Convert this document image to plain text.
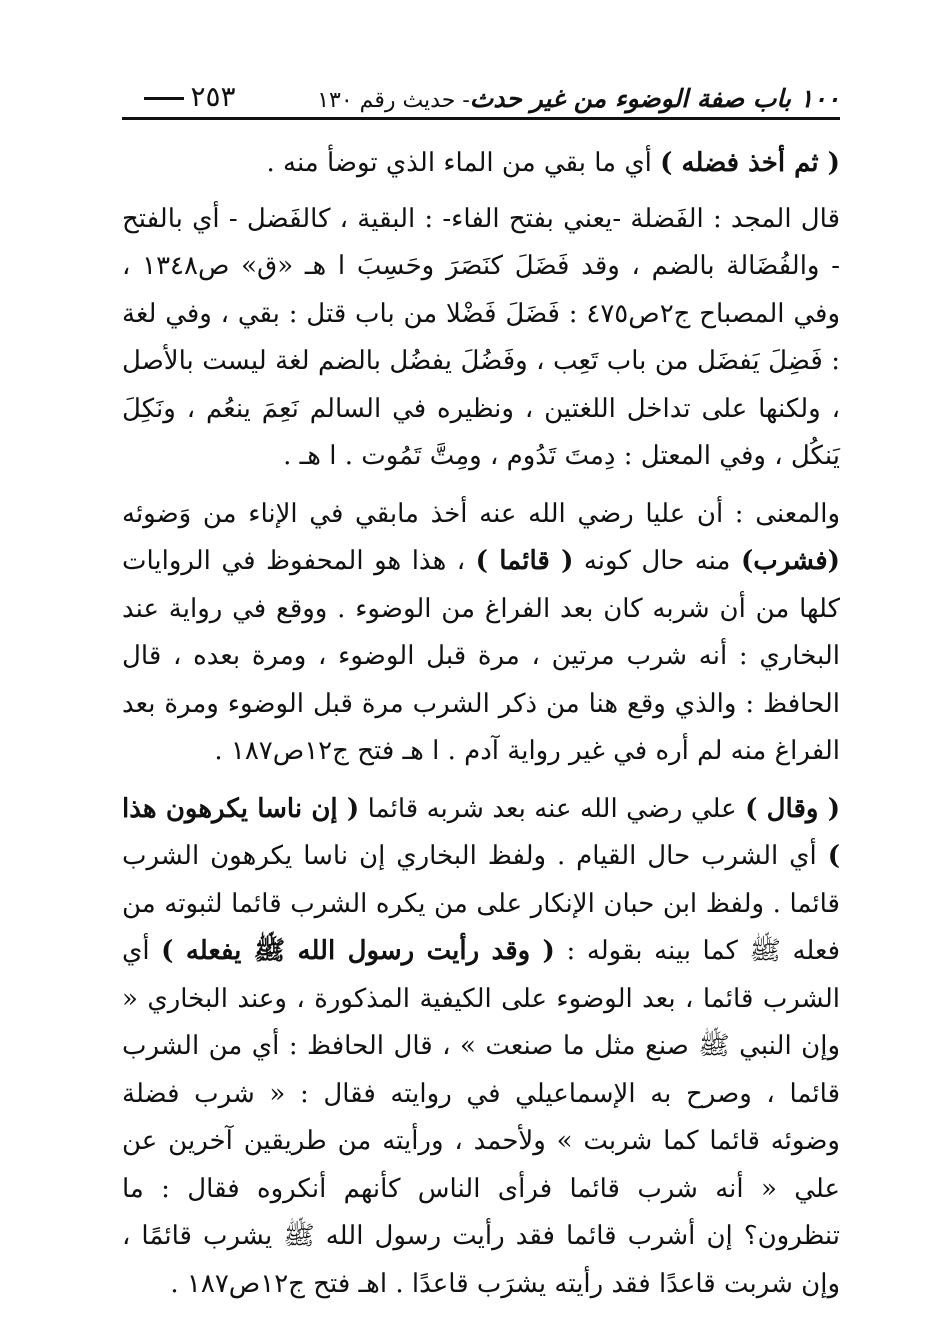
١٠٠ باب صفة الوضوء من غير حدث- حديث رقم ١٣٠
٢٥٣

( ثم أخذ فضله ) أي ما بقي من الماء الذي توضأ منه .

قال المجد : الفَضلة -يعني بفتح الفاء- : البقية ، كالفَضل - أي بالفتح - والفُضَالة بالضم ، وقد فَضَلَ كنَصَرَ وحَسِبَ ا هـ «ق» ص١٣٤٨ ، وفي المصباح ج٢ص٤٧٥ : فَضَلَ فَضْلا من باب قتل : بقي ، وفي لغة : فَضِلَ يَفضَل من باب تَعِب ، وفَضُلَ يفضُل بالضم لغة ليست بالأصل ، ولكنها على تداخل اللغتين ، ونظيره في السالم نَعِمَ ينعُم ، ونَكِلَ يَنكُل ، وفي المعتل : دِمتَ تَدُوم ، ومِتَّ تَمُوت . ا هـ .

والمعنى : أن عليا رضي الله عنه أخذ مابقي في الإناء من وَضوئه (فشرب) منه حال كونه ( قائما ) ، هذا هو المحفوظ في الروايات كلها من أن شربه كان بعد الفراغ من الوضوء . ووقع في رواية عند البخاري : أنه شرب مرتين ، مرة قبل الوضوء ، ومرة بعده ، قال الحافظ : والذي وقع هنا من ذكر الشرب مرة قبل الوضوء ومرة بعد الفراغ منه لم أره في غير رواية آدم . ا هـ فتح ج١٢ص١٨٧ .

( وقال ) علي رضي الله عنه بعد شربه قائما ( إن ناسا يكرهون هذا ) أي الشرب حال القيام . ولفظ البخاري إن ناسا يكرهون الشرب قائما . ولفظ ابن حبان الإنكار على من يكره الشرب قائما لثبوته من فعله ﷺ كما بينه بقوله : ( وقد رأيت رسول الله ﷺ يفعله ) أي الشرب قائما ، بعد الوضوء على الكيفية المذكورة ، وعند البخاري « وإن النبي ﷺ صنع مثل ما صنعت » ، قال الحافظ : أي من الشرب قائما ، وصرح به الإسماعيلي في روايته فقال : « شرب فضلة وضوئه قائما كما شربت » ولأحمد ، ورأيته من طريقين آخرين عن علي « أنه شرب قائما فرأى الناس كأنهم أنكروه فقال : ما تنظرون؟ إن أشرب قائما فقد رأيت رسول الله ﷺ يشرب قائمًا ، وإن شربت قاعدًا فقد رأيته يشرَب قاعدًا . اهـ فتح ج١٢ص١٨٧ .
